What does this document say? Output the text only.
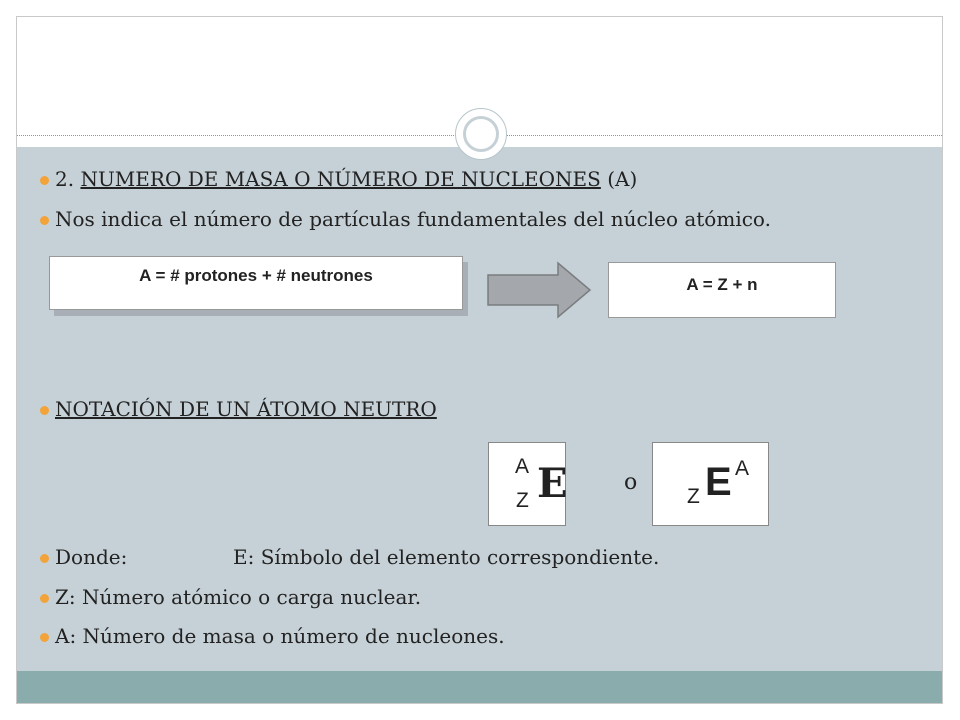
2. NUMERO DE MASA O NÚMERO DE NUCLEONES (A)
Nos indica el número de partículas fundamentales del núcleo atómico.
A = # protones + # neutrones	A = Z + n
NOTACIÓN DE UN ÁTOMO NEUTRO
A
Z E	o
Z E A
Donde:	E: Símbolo del elemento correspondiente.
Z: Número atómico o carga nuclear.
A: Número de masa o número de nucleones.
